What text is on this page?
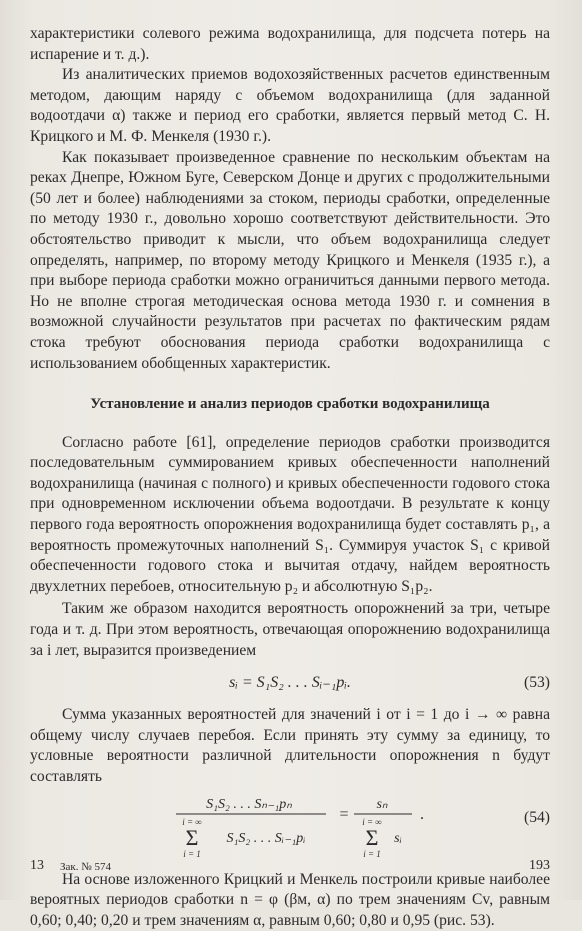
характеристики солевого режима водохранилища, для подсчета потерь на испарение и т. д.).

Из аналитических приемов водохозяйственных расчетов единственным методом, дающим наряду с объемом водохранилища (для заданной водоотдачи α) также и период его сработки, является первый метод С. Н. Крицкого и М. Ф. Менкеля (1930 г.).

Как показывает произведенное сравнение по нескольким объектам на реках Днепре, Южном Буге, Северском Донце и других с продолжительными (50 лет и более) наблюдениями за стоком, периоды сработки, определенные по методу 1930 г., довольно хорошо соответствуют действительности. Это обстоятельство приводит к мысли, что объем водохранилища следует определять, например, по второму методу Крицкого и Менкеля (1935 г.), а при выборе периода сработки можно ограничиться данными первого метода. Но не вполне строгая методическая основа метода 1930 г. и сомнения в возможной случайности результатов при расчетах по фактическим рядам стока требуют обоснования периода сработки водохранилища с использованием обобщенных характеристик.

Установление и анализ периодов сработки водохранилища

Согласно работе [61], определение периодов сработки производится последовательным суммированием кривых обеспеченности наполнений водохранилища (начиная с полного) и кривых обеспеченности годового стока при одновременном исключении объема водоотдачи. В результате к концу первого года вероятность опорожнения водохранилища будет составлять p₁, а вероятность промежуточных наполнений S₁. Суммируя участок S₁ с кривой обеспеченности годового стока и вычитая отдачу, найдем вероятность двухлетних перебоев, относительную p₂ и абсолютную S₁p₂.

Таким же образом находится вероятность опорожнений за три, четыре года и т. д. При этом вероятность, отвечающая опорожнению водохранилища за i лет, выразится произведением

sᵢ = S₁S₂ . . . Sᵢ₋₁pᵢ.	(53)

Сумма указанных вероятностей для значений i от i = 1 до i → ∞ равна общему числу случаев перебоя. Если принять эту сумму за единицу, то условные вероятности различной длительности опорожнения n будут составлять

S₁S₂ . . . Sₙ₋₁pₙ
i = ∞
Σ
i = 1
S₁S₂ . . . Sᵢ₋₁pᵢ
=
sₙ
i = ∞
Σ
i = 1
sᵢ
.	(54)

На основе изложенного Крицкий и Менкель построили кривые наиболее вероятных периодов сработки n = φ (βм, α) по трем значениям Cv, равным 0,60; 0,40; 0,20 и трем значениям α, равным 0,60; 0,80 и 0,95 (рис. 53).

13 Зак. № 574	193
